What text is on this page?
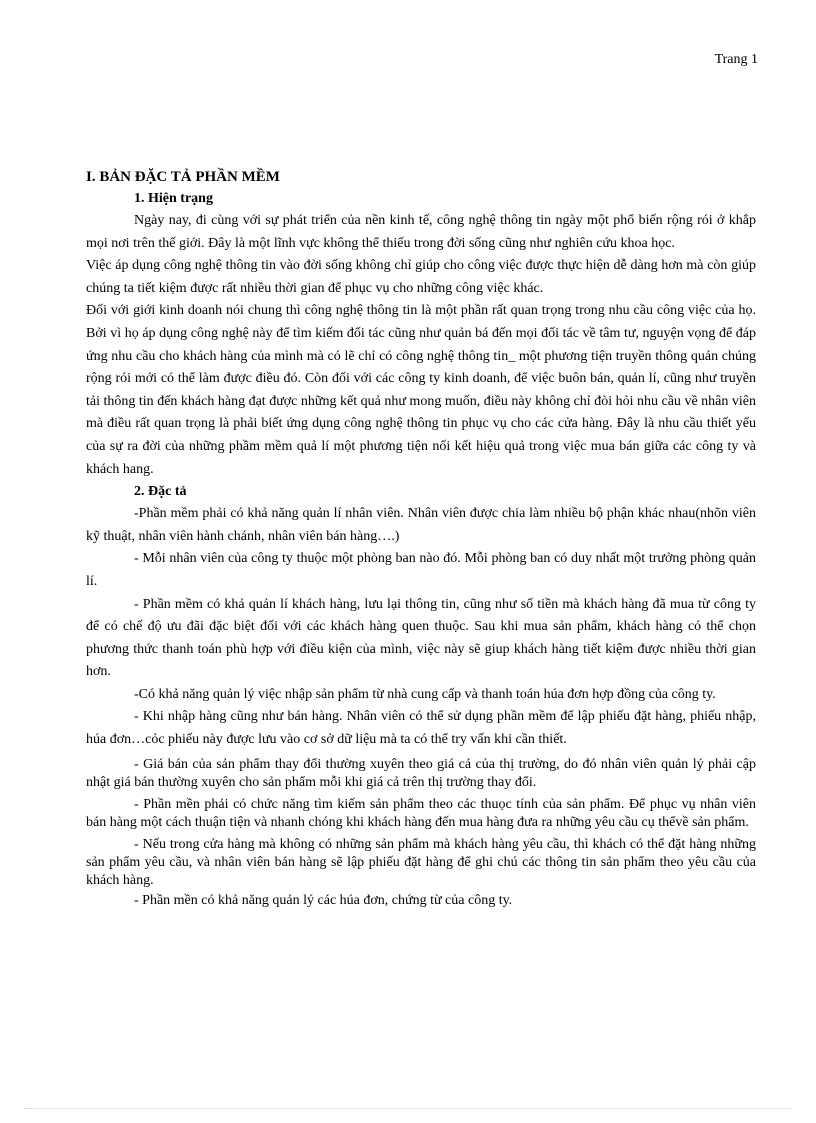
Trang 1
I. BẢN ĐẶC TẢ PHẦN MỀM
1. Hiện trạng

Ngày nay, đi cùng với sự phát triển của nền kinh tế, công nghệ thông tin ngày một phổ biến rộng rói ở khắp mọi nơi trên thế giới. Đây là một lĩnh vực không thể thiếu trong đời sống cũng như nghiên cứu khoa học.

Việc áp dụng công nghệ thông tin vào đời sống không chỉ giúp cho công việc được thực hiện dễ dàng hơn mà còn giúp chúng ta tiết kiệm được rất nhiều thời gian để phục vụ cho những công việc khác.

Đối với giới kinh doanh nói chung thì công nghệ thông tin là một phần rất quan trọng trong nhu cầu công việc của họ. Bởi vì họ áp dụng công nghệ này để tìm kiếm đối tác cũng như quản bá đến mọi đối tác về tâm tư, nguyện vọng để đáp ứng nhu cầu cho khách hàng của mình mà có lẽ chỉ có công nghệ thông tin_ một phương tiện truyền thông quản chúng rộng rói mới có thể làm được điều đó. Còn đối với các công ty kinh doanh, để việc buôn bán, quản lí, cũng như truyền tải thông tin đến khách hàng đạt được những kết quả như mong muốn, điều này không chỉ đòi hỏi nhu cầu về nhân viên mà điều rất quan trọng là phải biết ứng dụng công nghệ thông tin phục vụ cho các cửa hàng. Đây là nhu cầu thiết yếu của sự ra đời của những phầm mềm quả lí một phương tiện nối kết hiệu quả trong việc mua bán giữa các công ty và khách hang.

2. Đặc tả

-Phần mềm phải có khả năng quản lí nhân viên. Nhân viên được chia làm nhiều bộ phận khác nhau(nhõn viên kỹ thuật, nhân viên hành chánh, nhân viên bán hàng….)

- Mỗi nhân viên của công ty thuộc một phòng ban nào đó. Mỗi phòng ban có duy nhất một trưởng phòng quản lí.

- Phần mềm có khả quản lí khách hàng, lưu lại thông tin, cũng như số tiền mà khách hàng đã mua từ công ty để có chế độ ưu đãi đặc biệt đối với các khách hàng quen thuộc. Sau khi mua sản phẩm, khách hàng có thể chọn phương thức thanh toán phù hợp với điều kiện của mình, việc này sẽ giup khách hàng tiết kiệm được nhiều thời gian hơn.

-Có khả năng quản lý việc nhập sản phẩm từ nhà cung cấp và thanh toán húa đơn hợp đồng của công ty.

- Khi nhập hàng cũng như bán hàng. Nhân viên có thể sử dụng phần mềm để lập phiếu đặt hàng, phiếu nhập, húa đơn…cỏc phiếu này được lưu vào cơ sở dữ liệu mà ta có thể try vấn khi cần thiết.

- Giá bán của sản phẩm thay đổi thường xuyên theo giá cả của thị trường, do đó nhân viên quản lý phải cập nhật giá bán thường xuyên cho sản phẩm mỗi khi giá cả trên thị trường thay đổi.

- Phần mền phải có chức năng tìm kiếm sản phẩm theo các thuọc tính của sản phẩm. Để phục vụ nhân viên bán hàng một cách thuận tiện và nhanh chóng khi khách hàng đến mua hàng đưa ra những yêu cầu cụ thểvề sản phẩm.

- Nếu trong cửa hàng mà không có những sản phẩm mà khách hàng yêu cầu, thì khách có thể đặt hàng những sản phẩm yêu cầu, và nhân viên bán hàng sẽ lập phiếu đặt hàng để ghi chú các thông tin sản phẩm theo yêu cầu của khách hàng.

- Phần mền có khả năng quản lý các húa đơn, chứng từ của công ty.
